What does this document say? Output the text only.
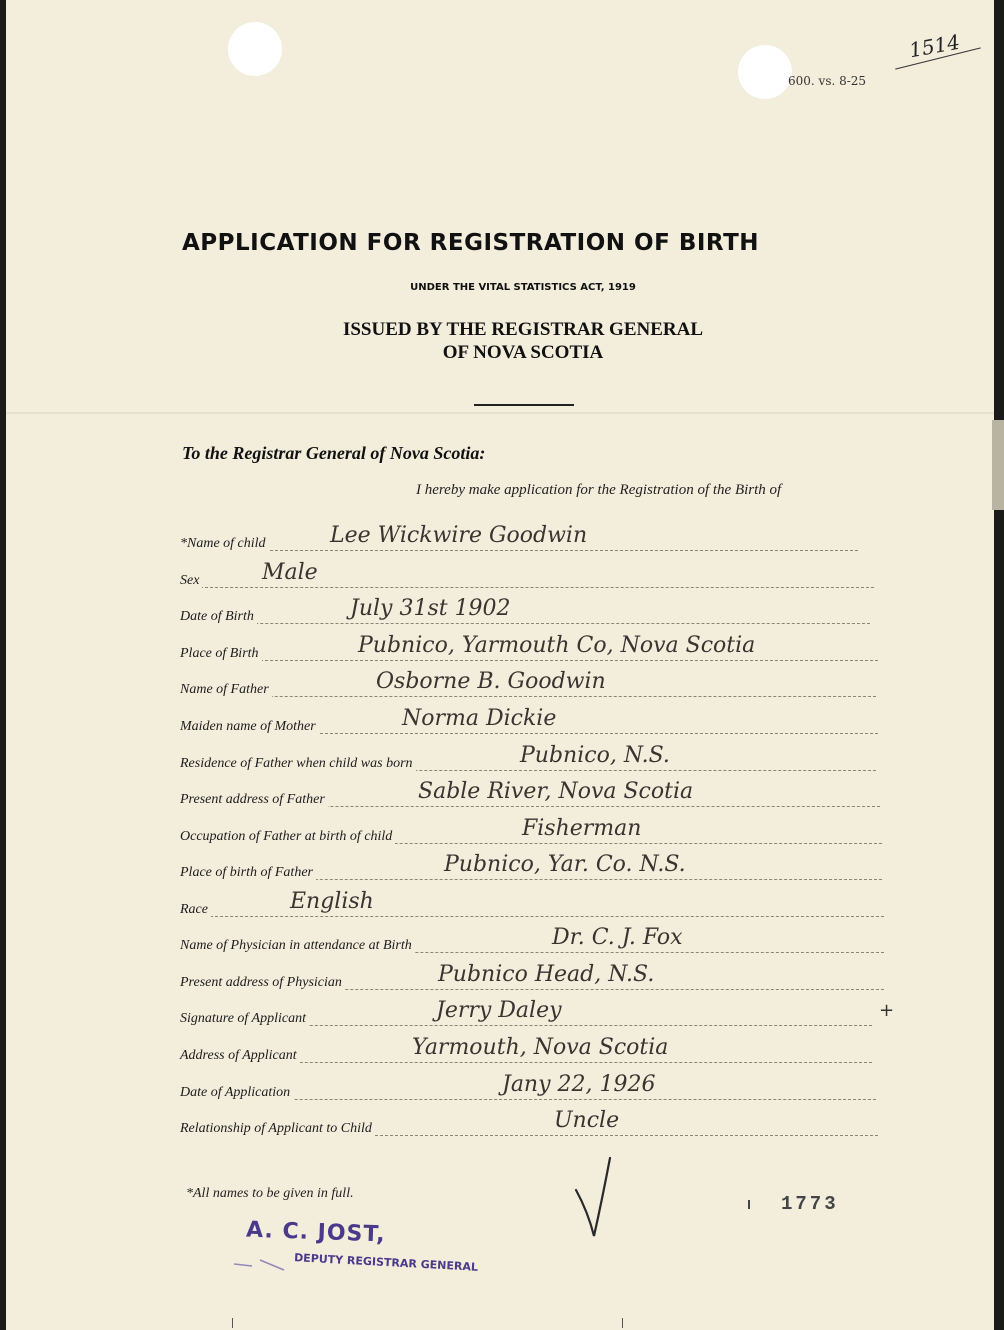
600. vs. 8-25
1514
APPLICATION FOR REGISTRATION OF BIRTH
UNDER THE VITAL STATISTICS ACT, 1919
ISSUED BY THE REGISTRAR GENERAL
OF NOVA SCOTIA
To the Registrar General of Nova Scotia:
I hereby make application for the Registration of the Birth of
*Name of child	Lee Wickwire Goodwin
Sex	Male
Date of Birth	July 31st 1902
Place of Birth	Pubnico, Yarmouth Co, Nova Scotia
Name of Father	Osborne B. Goodwin
Maiden name of Mother	Norma Dickie
Residence of Father when child was born	Pubnico, N.S.
Present address of Father	Sable River, Nova Scotia
Occupation of Father at birth of child	Fisherman
Place of birth of Father	Pubnico, Yar. Co. N.S.
Race	English
Name of Physician in attendance at Birth	Dr. C. J. Fox
Present address of Physician	Pubnico Head, N.S.
Signature of Applicant	Jerry Daley
Address of Applicant	Yarmouth, Nova Scotia
Date of Application	Jany 22, 1926
Relationship of Applicant to Child	Uncle
+
*All names to be given in full.	1773
A. C. JOST,
DEPUTY REGISTRAR GENERAL
